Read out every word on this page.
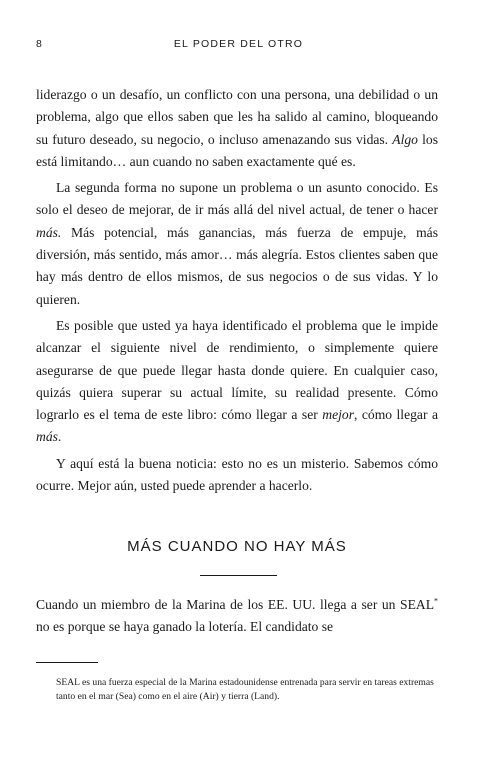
8	EL PODER DEL OTRO

liderazgo o un desafío, un conflicto con una persona, una debilidad o un problema, algo que ellos saben que les ha salido al camino, bloqueando su futuro deseado, su negocio, o incluso amenazando sus vidas. Algo los está limitando… aun cuando no saben exactamente qué es.

La segunda forma no supone un problema o un asunto conocido. Es solo el deseo de mejorar, de ir más allá del nivel actual, de tener o hacer más. Más potencial, más ganancias, más fuerza de empuje, más diversión, más sentido, más amor… más alegría. Estos clientes saben que hay más dentro de ellos mismos, de sus negocios o de sus vidas. Y lo quieren.

Es posible que usted ya haya identificado el problema que le impide alcanzar el siguiente nivel de rendimiento, o simplemente quiere asegurarse de que puede llegar hasta donde quiere. En cualquier caso, quizás quiera superar su actual límite, su realidad presente. Cómo lograrlo es el tema de este libro: cómo llegar a ser mejor, cómo llegar a más.

Y aquí está la buena noticia: esto no es un misterio. Sabemos cómo ocurre. Mejor aún, usted puede aprender a hacerlo.

MÁS CUANDO NO HAY MÁS

Cuando un miembro de la Marina de los EE. UU. llega a ser un SEAL* no es porque se haya ganado la lotería. El candidato se

SEAL es una fuerza especial de la Marina estadounidense entrenada para servir en tareas extremas tanto en el mar (Sea) como en el aire (Air) y tierra (Land).
